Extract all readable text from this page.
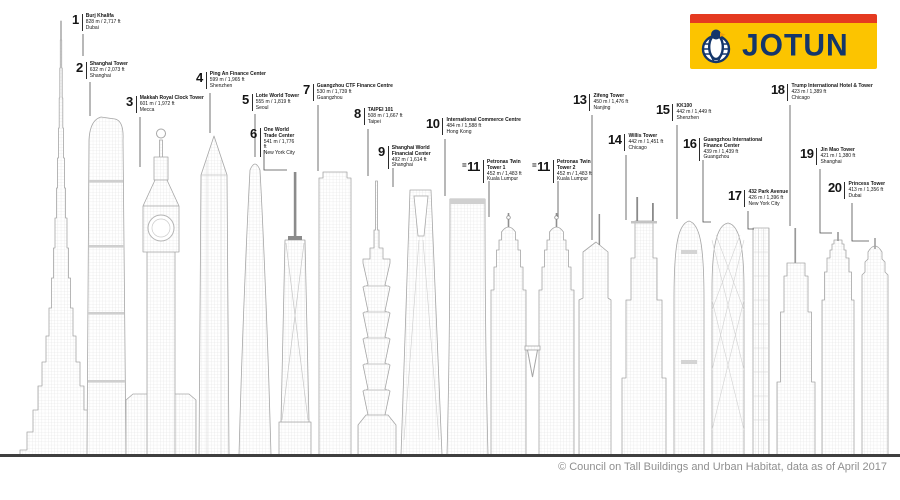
1 Burj Khalifa
828 m / 2,717 ft
Dubai
2 Shanghai Tower
632 m / 2,073 ft
Shanghai
3 Makkah Royal Clock Tower
601 m / 1,972 ft
Mecca
4 Ping An Finance Center
599 m / 1,965 ft
Shenzhen
5 Lotte World Tower
555 m / 1,819 ft
Seoul
6 One World Trade Center
541 m / 1,776 ft
New York City
7 Guangzhou CTF Finance Centre
530 m / 1,739 ft
Guangzhou
8 TAIPEI 101
508 m / 1,667 ft
Taipei
9 Shanghai World Financial Center
492 m / 1,614 ft
Shanghai
10 International Commerce Centre
484 m / 1,588 ft
Hong Kong
=11 Petronas Twin Tower 1
452 m / 1,483 ft
Kuala Lumpur
=11 Petronas Twin Tower 2
452 m / 1,483 ft
Kuala Lumpur
13 Zifeng Tower
450 m / 1,476 ft
Nanjing
14 Willis Tower
442 m / 1,451 ft
Chicago
15 KK100
442 m / 1,449 ft
Shenzhen
16 Guangzhou International Finance Center
439 m / 1,439 ft
Guangzhou
17 432 Park Avenue
426 m / 1,396 ft
New York City
18 Trump International Hotel & Tower
423 m / 1,389 ft
Chicago
19 Jin Mao Tower
421 m / 1,380 ft
Shanghai
20 Princess Tower
413 m / 1,356 ft
Dubai
JOTUN
© Council on Tall Buildings and Urban Habitat, data as of April 2017
